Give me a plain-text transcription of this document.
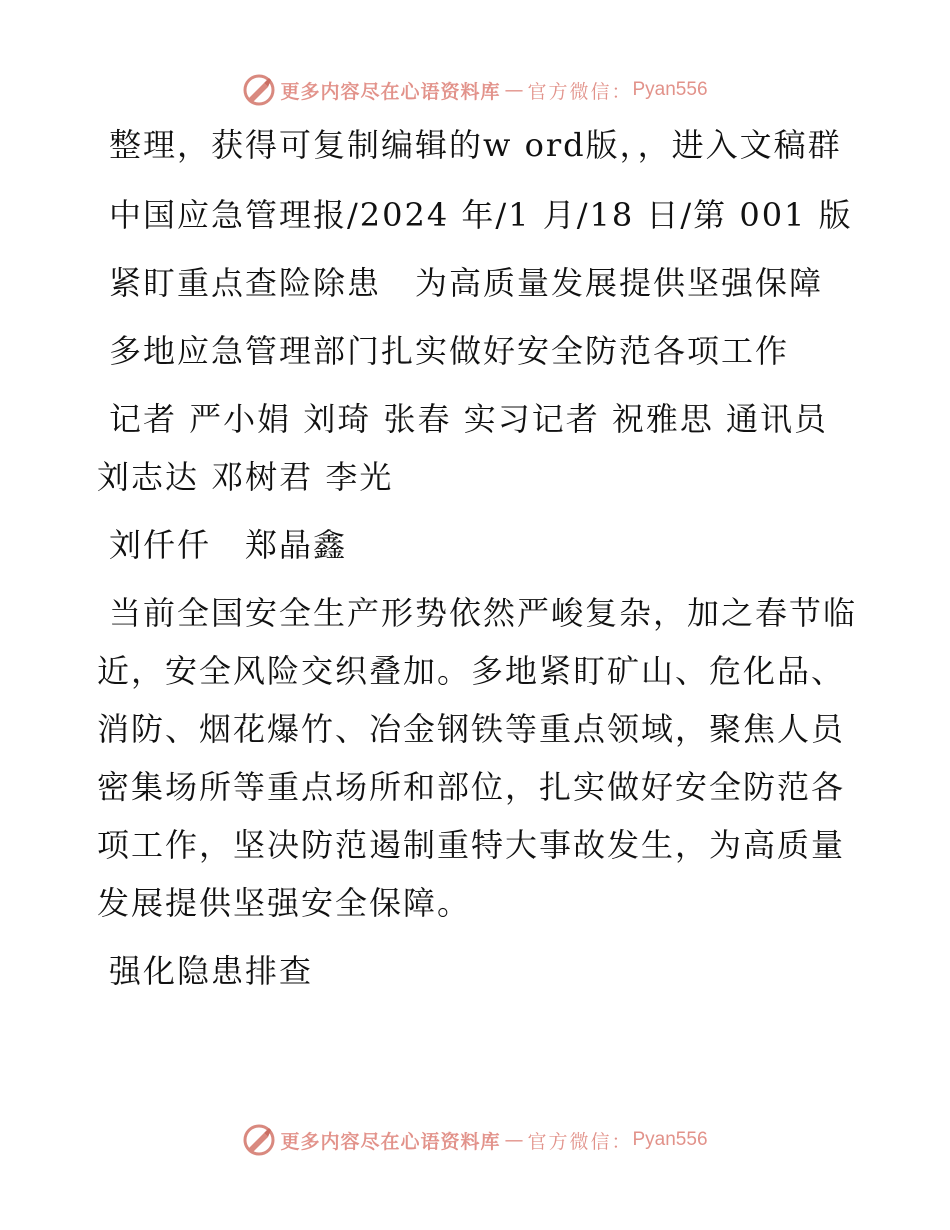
更多内容尽在心语资料库 — 官方微信： Pyan556

整理，获得可复制编辑的w ord版，，进入文稿群

中国应急管理报/2024 年/1 月/18 日/第 001 版

紧盯重点查险除患　为高质量发展提供坚强保障

多地应急管理部门扎实做好安全防范各项工作

记者 严小娟 刘琦 张春 实习记者 祝雅思 通讯员 刘志达 邓树君 李光

刘仟仟　郑晶鑫

当前全国安全生产形势依然严峻复杂，加之春节临近，安全风险交织叠加。多地紧盯矿山、危化品、消防、烟花爆竹、冶金钢铁等重点领域，聚焦人员密集场所等重点场所和部位，扎实做好安全防范各项工作，坚决防范遏制重特大事故发生，为高质量发展提供坚强安全保障。

强化隐患排查

更多内容尽在心语资料库 — 官方微信： Pyan556
